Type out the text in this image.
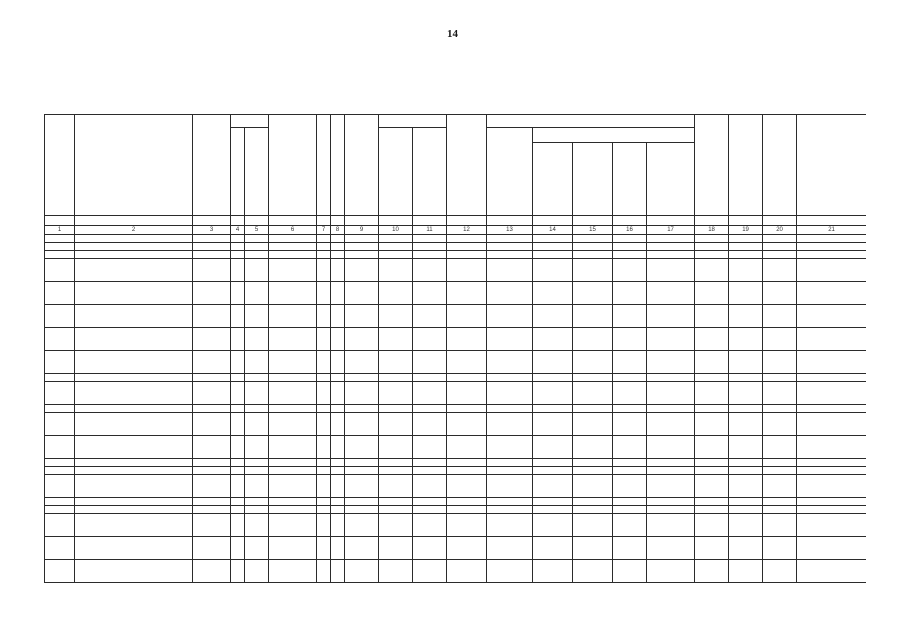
14

1	2	3	4	5	6	7	8	9	10	11	12	13	14	15	16	17	18	19	20	21
